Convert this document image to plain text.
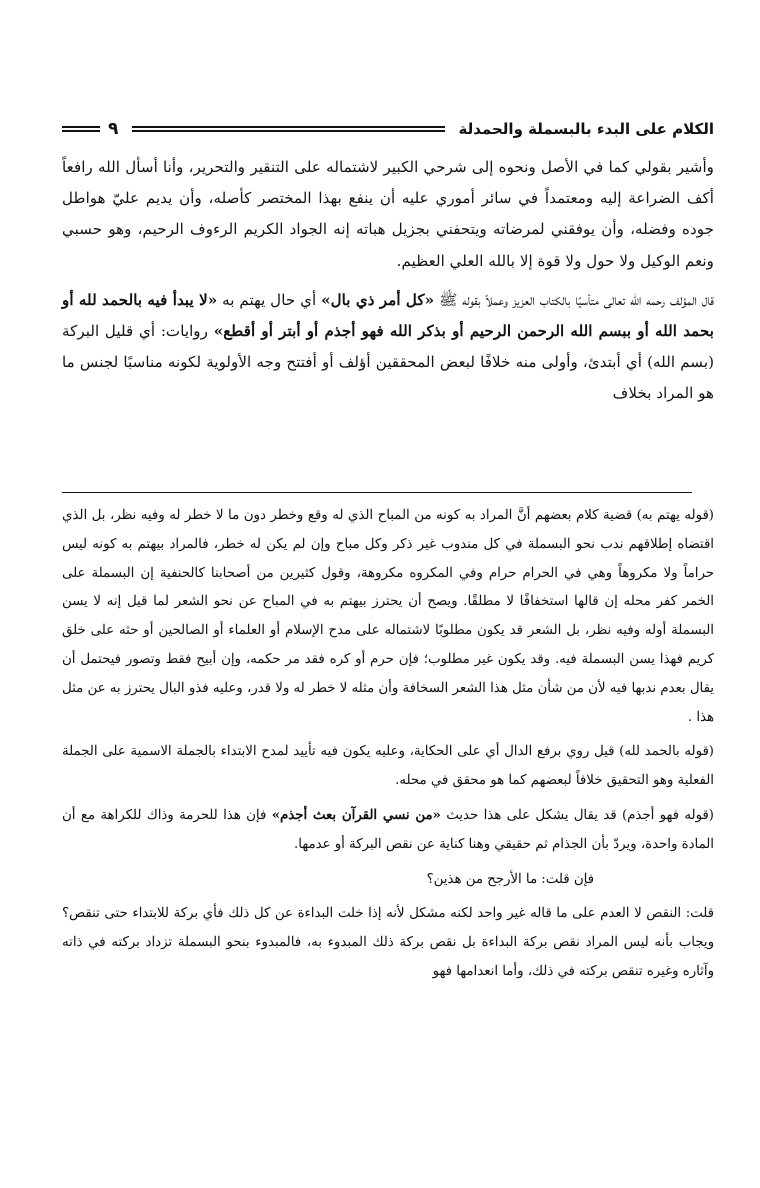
الكلام على البدء بالبسملة والحمدلة
٩

وأشير بقولي كما في الأصل ونحوه إلى شرحي الكبير لاشتماله على التنقير والتحرير، وأنا أسأل الله رافعاً أكف الضراعة إليه ومعتمداً في سائر أموري عليه أن ينفع بهذا المختصر كأصله، وأن يديم عليّ هواطل جوده وفضله، وأن يوفقني لمرضاته ويتحفني بجزيل هباته إنه الجواد الكريم الرءوف الرحيم، وهو حسبي ونعم الوكيل ولا حول ولا قوة إلا بالله العلي العظيم.

قال المؤلف رحمه الله تعالى متأسيًا بالكتاب العزيز وعملاً بقوله ﷺ «كل أمر ذي بال» أي حال يهتم به «لا يبدأ فيه بالحمد لله أو بحمد الله أو ببسم الله الرحمن الرحيم أو بذكر الله فهو أجذم أو أبتر أو أقطع» روايات: أي قليل البركة (بسم الله) أي أبتدئ، وأولى منه خلافًا لبعض المحققين أؤلف أو أفتتح وجه الأولوية لكونه مناسبًا لجنس ما هو المراد بخلاف

(قوله يهتم به) قضية كلام بعضهم أنَّ المراد به كونه من المباح الذي له وقع وخطر دون ما لا خطر له وفيه نظر، بل الذي اقتضاه إطلاقهم ندب نحو البسملة في كل مندوب غير ذكر وكل مباح وإن لم يكن له خطر، فالمراد بيهتم به كونه ليس حراماً ولا مكروهاً وهي في الحرام حرام وفي المكروه مكروهة، وقول كثيرين من أصحابنا كالحنفية إن البسملة على الخمر كفر محله إن قالها استخفافًا لا مطلقًا. ويصح أن يحترز بيهتم به في المباح عن نحو الشعر لما قيل إنه لا يسن البسملة أوله وفيه نظر، بل الشعر قد يكون مطلوبًا لاشتماله على مدح الإسلام أو العلماء أو الصالحين أو حثه على خلق كريم فهذا يسن البسملة فيه. وقد يكون غير مطلوب؛ فإن حرم أو كره فقد مر حكمه، وإن أبيح فقط وتصور فيحتمل أن يقال بعدم ندبها فيه لأن من شأن مثل هذا الشعر السخافة وأن مثله لا خطر له ولا قدر، وعليه فذو البال يحترز به عن مثل هذا .

(قوله بالحمد لله) قيل روي برفع الدال أي على الحكاية، وعليه يكون فيه تأييد لمدح الابتداء بالجملة الاسمية على الجملة الفعلية وهو التحقيق خلافاً لبعضهم كما هو محقق في محله.

(قوله فهو أجذم) قد يقال يشكل على هذا حديث «من نسي القرآن بعث أجذم» فإن هذا للحرمة وذاك للكراهة مع أن المادة واحدة، ويردّ بأن الجذام ثم حقيقي وهنا كناية عن نقص البركة أو عدمها.

فإن قلت: ما الأرجح من هذين؟

قلت: النقص لا العدم على ما قاله غير واحد لكنه مشكل لأنه إذا خلت البداءة عن كل ذلك فأي بركة للابتداء حتى تنقص؟ ويجاب بأنه ليس المراد نقص بركة البداءة بل نقص بركة ذلك المبدوء به، فالمبدوء بنحو البسملة تزداد بركته في ذاته وآثاره وغيره تنقص بركته في ذلك، وأما انعدامها فهو
